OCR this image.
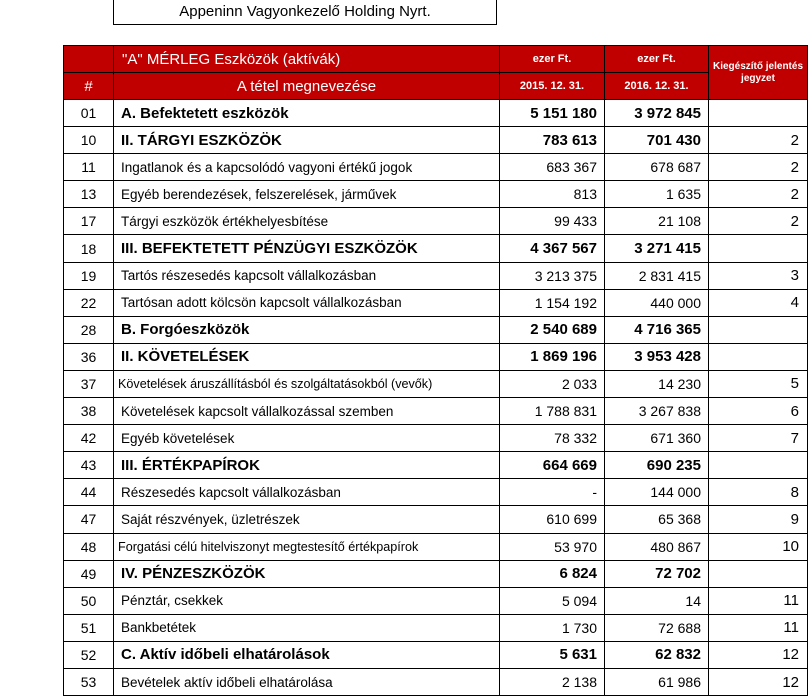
Appeninn Vagyonkezelő Holding Nyrt.
	"A" MÉRLEG Eszközök (aktívák)	ezer Ft.	ezer Ft.	Kiegészítő jelentés jegyzet
#	A tétel megnevezése	2015. 12. 31.	2016. 12. 31.	
01	A. Befektetett eszközök	5 151 180	3 972 845	
10	II. TÁRGYI ESZKÖZÖK	783 613	701 430	2
11	Ingatlanok és a kapcsolódó vagyoni értékű jogok	683 367	678 687	2
13	Egyéb berendezések, felszerelések, járművek	813	1 635	2
17	Tárgyi eszközök értékhelyesbítése	99 433	21 108	2
18	III. BEFEKTETETT PÉNZÜGYI ESZKÖZÖK	4 367 567	3 271 415	
19	Tartós részesedés kapcsolt vállalkozásban	3 213 375	2 831 415	3
22	Tartósan adott kölcsön kapcsolt vállalkozásban	1 154 192	440 000	4
28	B. Forgóeszközök	2 540 689	4 716 365	
36	II. KÖVETELÉSEK	1 869 196	3 953 428	
37	Követelések áruszállításból és szolgáltatásokból (vevők)	2 033	14 230	5
38	Követelések kapcsolt vállalkozással szemben	1 788 831	3 267 838	6
42	Egyéb követelések	78 332	671 360	7
43	III. ÉRTÉKPAPÍROK	664 669	690 235	
44	Részesedés kapcsolt vállalkozásban	-	144 000	8
47	Saját részvények, üzletrészek	610 699	65 368	9
48	Forgatási célú hitelviszonyt megtestesítő értékpapírok	53 970	480 867	10
49	IV. PÉNZESZKÖZÖK	6 824	72 702	
50	Pénztár, csekkek	5 094	14	11
51	Bankbetétek	1 730	72 688	11
52	C. Aktív időbeli elhatárolások	5 631	62 832	12
53	Bevételek aktív időbeli elhatárolása	2 138	61 986	12
